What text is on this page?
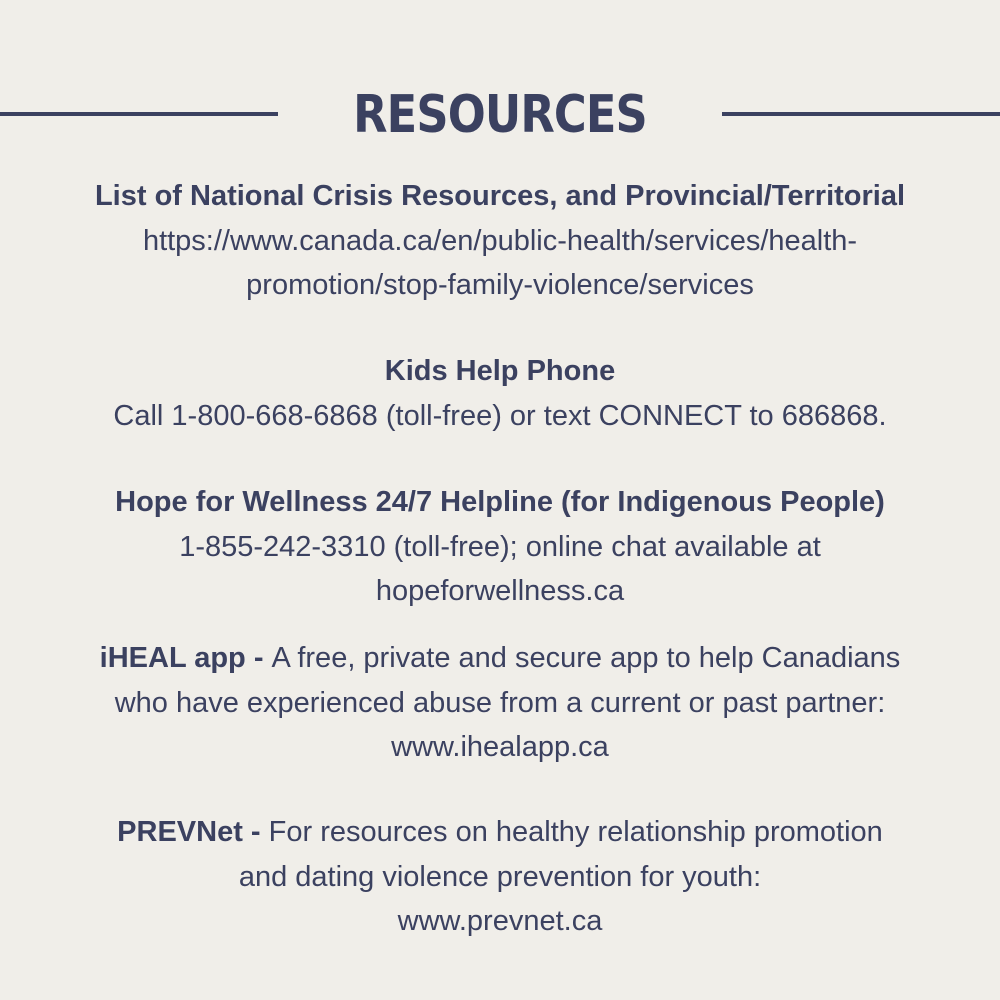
RESOURCES
List of National Crisis Resources, and Provincial/Territorial
https://www.canada.ca/en/public-health/services/health-
promotion/stop-family-violence/services
Kids Help Phone
Call 1-800-668-6868 (toll-free) or text CONNECT to 686868.
Hope for Wellness 24/7 Helpline (for Indigenous People)
1-855-242-3310 (toll-free); online chat available at
hopeforwellness.ca
iHEAL app - A free, private and secure app to help Canadians
who have experienced abuse from a current or past partner:
www.ihealapp.ca
PREVNet - For resources on healthy relationship promotion
and dating violence prevention for youth:
www.prevnet.ca
